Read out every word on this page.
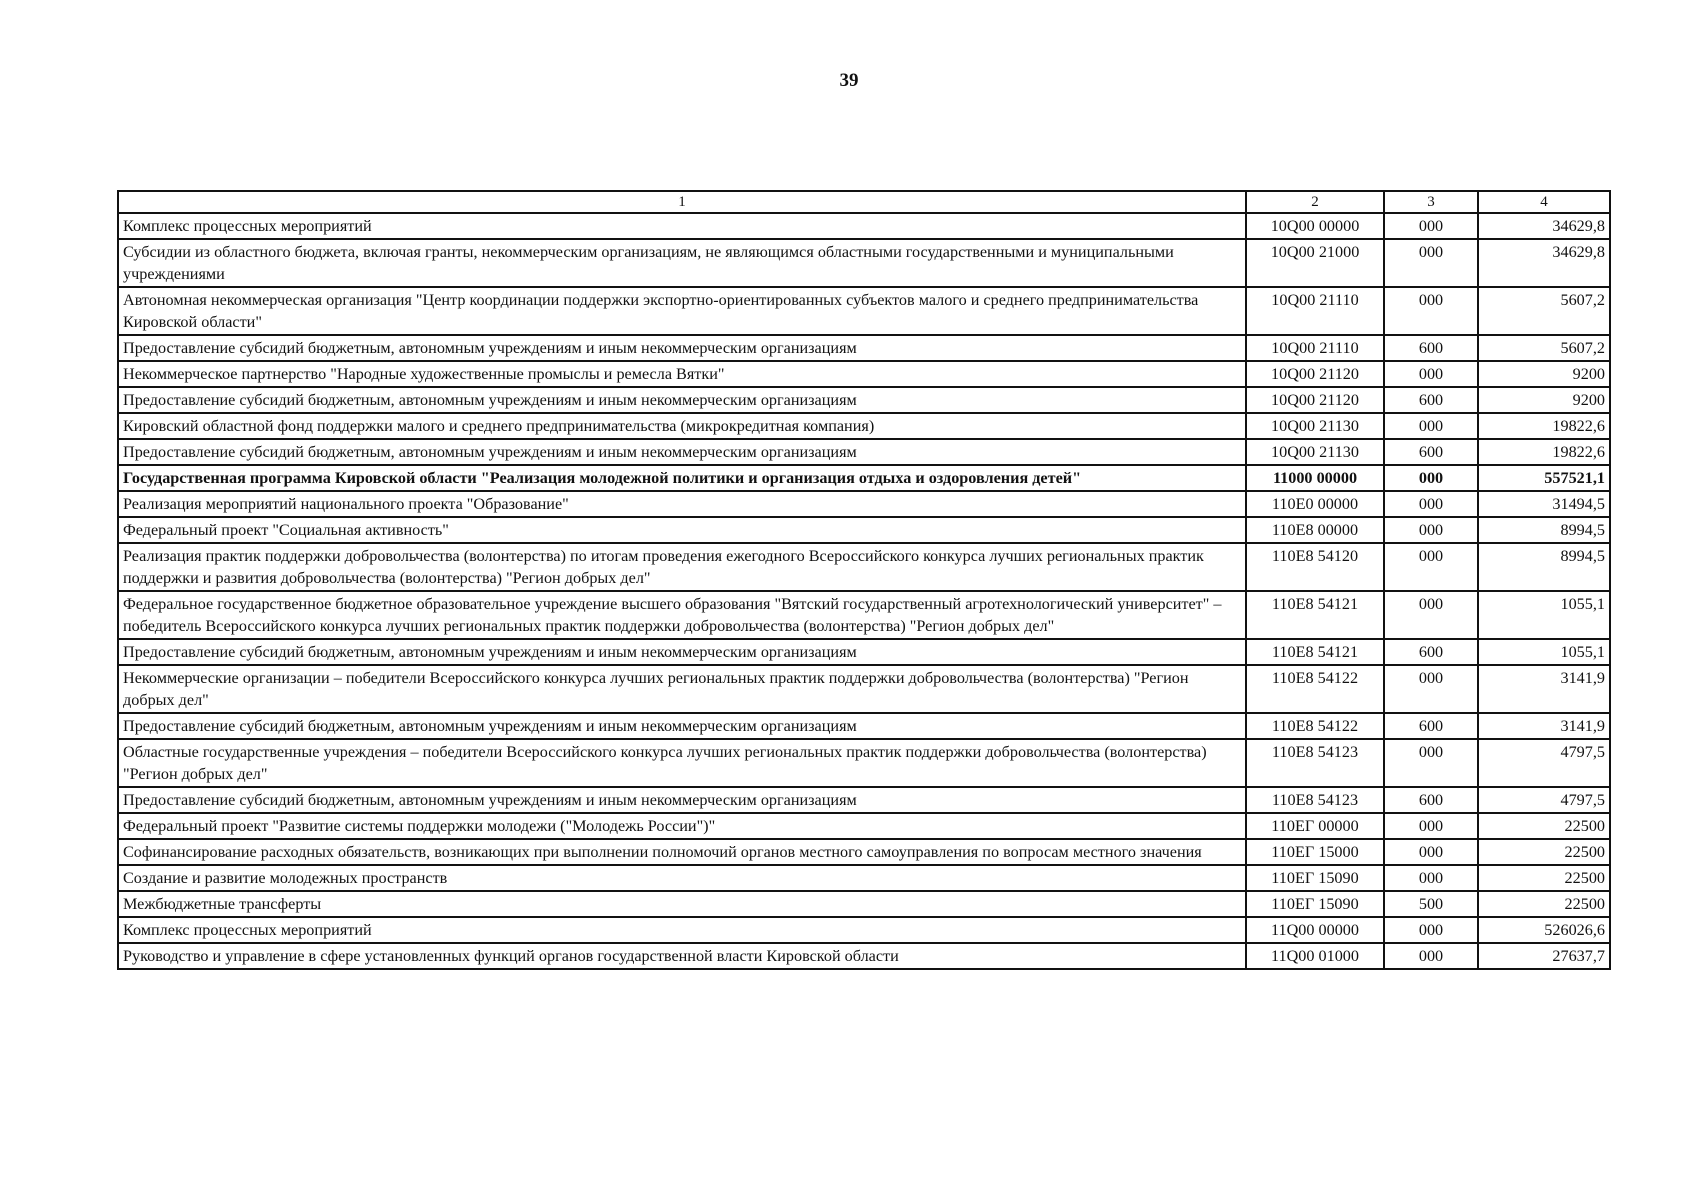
39
1	2	3	4
Комплекс процессных мероприятий	10Q00 00000	000	34629,8
Субсидии из областного бюджета, включая гранты, некоммерческим организациям, не являющимся областными государственными и муниципальными учреждениями	10Q00 21000	000	34629,8
Автономная некоммерческая организация "Центр координации поддержки экспортно-ориентированных субъектов малого и среднего предпринимательства Кировской области"	10Q00 21110	000	5607,2
Предоставление субсидий бюджетным, автономным учреждениям и иным некоммерческим организациям	10Q00 21110	600	5607,2
Некоммерческое партнерство "Народные художественные промыслы и ремесла Вятки"	10Q00 21120	000	9200
Предоставление субсидий бюджетным, автономным учреждениям и иным некоммерческим организациям	10Q00 21120	600	9200
Кировский областной фонд поддержки малого и среднего предпринимательства (микрокредитная компания)	10Q00 21130	000	19822,6
Предоставление субсидий бюджетным, автономным учреждениям и иным некоммерческим организациям	10Q00 21130	600	19822,6
Государственная программа Кировской области "Реализация молодежной политики и организация отдыха и оздоровления детей"	11000 00000	000	557521,1
Реализация мероприятий национального проекта "Образование"	110E0 00000	000	31494,5
Федеральный проект "Социальная активность"	110E8 00000	000	8994,5
Реализация практик поддержки добровольчества (волонтерства) по итогам проведения ежегодного Всероссийского конкурса лучших региональных практик поддержки и развития добровольчества (волонтерства) "Регион добрых дел"	110E8 54120	000	8994,5
Федеральное государственное бюджетное образовательное учреждение высшего образования "Вятский государственный агротехнологический университет" – победитель Всероссийского конкурса лучших региональных практик поддержки добровольчества (волонтерства) "Регион добрых дел"	110E8 54121	000	1055,1
Предоставление субсидий бюджетным, автономным учреждениям и иным некоммерческим организациям	110E8 54121	600	1055,1
Некоммерческие организации – победители Всероссийского конкурса лучших региональных практик поддержки добровольчества (волонтерства) "Регион добрых дел"	110E8 54122	000	3141,9
Предоставление субсидий бюджетным, автономным учреждениям и иным некоммерческим организациям	110E8 54122	600	3141,9
Областные государственные учреждения – победители Всероссийского конкурса лучших региональных практик поддержки добровольчества (волонтерства) "Регион добрых дел"	110E8 54123	000	4797,5
Предоставление субсидий бюджетным, автономным учреждениям и иным некоммерческим организациям	110E8 54123	600	4797,5
Федеральный проект "Развитие системы поддержки молодежи ("Молодежь России")"	110ЕГ 00000	000	22500
Софинансирование расходных обязательств, возникающих при выполнении полномочий органов местного самоуправления по вопросам местного значения	110ЕГ 15000	000	22500
Создание и развитие молодежных пространств	110ЕГ 15090	000	22500
Межбюджетные трансферты	110ЕГ 15090	500	22500
Комплекс процессных мероприятий	11Q00 00000	000	526026,6
Руководство и управление в сфере установленных функций органов государственной власти Кировской области	11Q00 01000	000	27637,7
